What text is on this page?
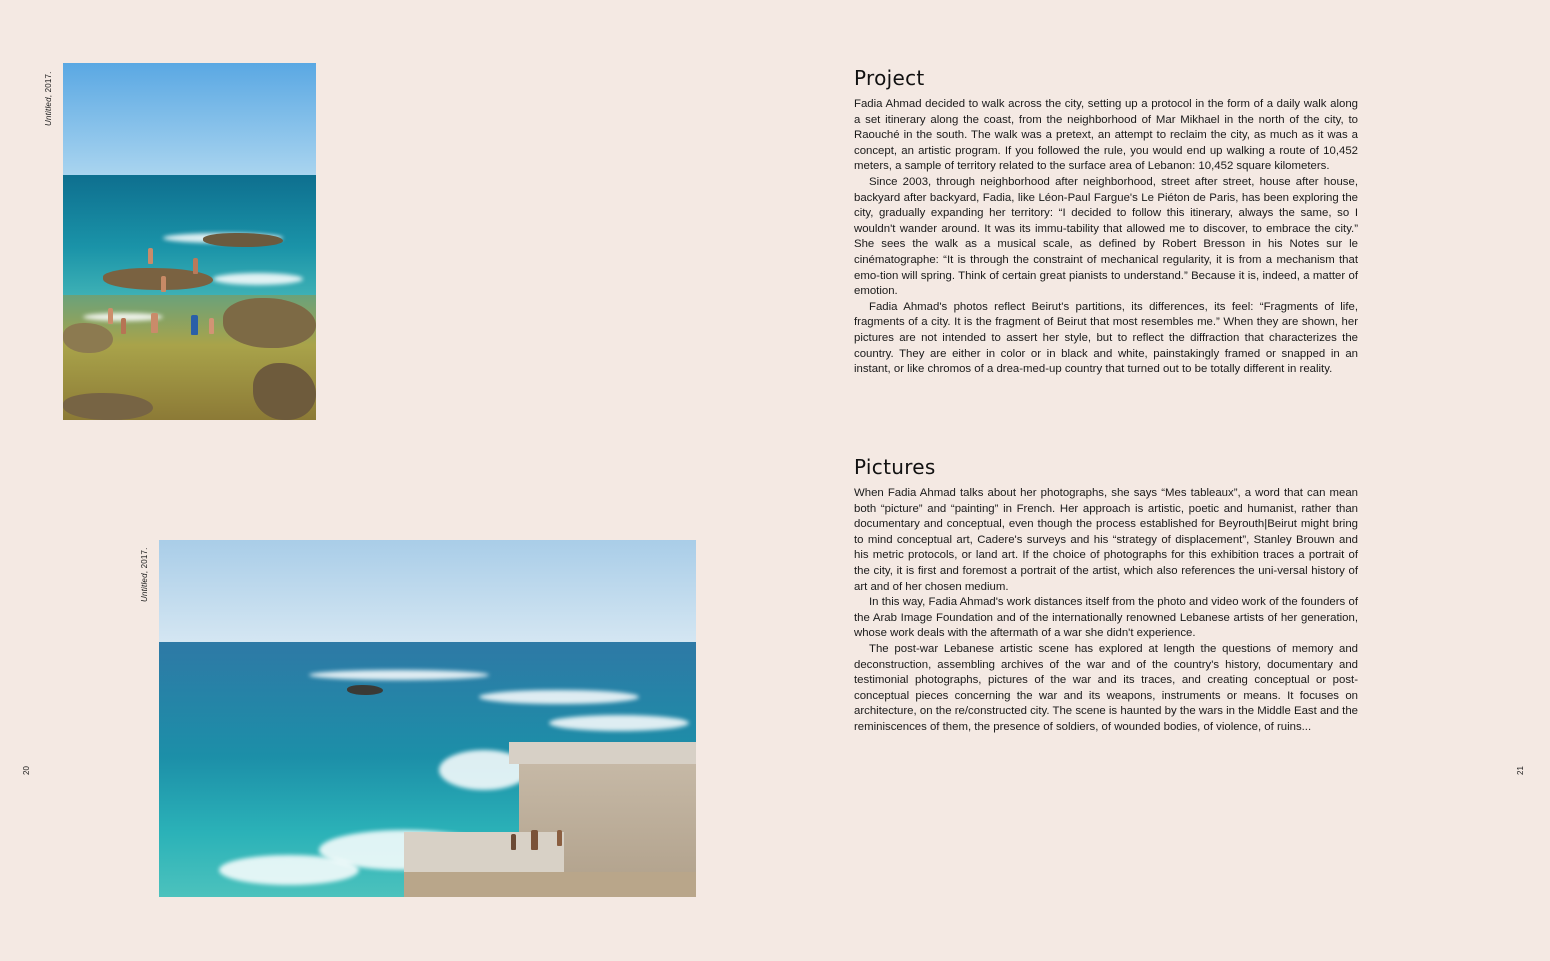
Untitled, 2017.
Untitled, 2017.
20	21
Project

Fadia Ahmad decided to walk across the city, setting up a protocol in the form of a daily walk along a set itinerary along the coast, from the neighborhood of Mar Mikhael in the north of the city, to Raouché in the south. The walk was a pretext, an attempt to reclaim the city, as much as it was a concept, an artistic program. If you followed the rule, you would end up walking a route of 10,452 meters, a sample of territory related to the surface area of Lebanon: 10,452 square kilometers.

Since 2003, through neighborhood after neighborhood, street after street, house after house, backyard after backyard, Fadia, like Léon-Paul Fargue's Le Piéton de Paris, has been exploring the city, gradually expanding her territory: “I decided to follow this itinerary, always the same, so I wouldn't wander around. It was its immu-tability that allowed me to discover, to embrace the city.” She sees the walk as a musical scale, as defined by Robert Bresson in his Notes sur le cinématographe: “It is through the constraint of mechanical regularity, it is from a mechanism that emo-tion will spring. Think of certain great pianists to understand.” Because it is, indeed, a matter of emotion.

Fadia Ahmad's photos reflect Beirut's partitions, its differences, its feel: “Fragments of life, fragments of a city. It is the fragment of Beirut that most resembles me.” When they are shown, her pictures are not intended to assert her style, but to reflect the diffraction that characterizes the country. They are either in color or in black and white, painstakingly framed or snapped in an instant, or like chromos of a drea-med-up country that turned out to be totally different in reality.

Pictures

When Fadia Ahmad talks about her photographs, she says “Mes tableaux”, a word that can mean both “picture” and “painting” in French. Her approach is artistic, poetic and humanist, rather than documentary and conceptual, even though the process established for Beyrouth|Beirut might bring to mind conceptual art, Cadere's surveys and his “strategy of displacement”, Stanley Brouwn and his metric protocols, or land art. If the choice of photographs for this exhibition traces a portrait of the city, it is first and foremost a portrait of the artist, which also references the uni-versal history of art and of her chosen medium.

In this way, Fadia Ahmad's work distances itself from the photo and video work of the founders of the Arab Image Foundation and of the internationally renowned Lebanese artists of her generation, whose work deals with the aftermath of a war she didn't experience.

The post-war Lebanese artistic scene has explored at length the questions of memory and deconstruction, assembling archives of the war and of the country's history, documentary and testimonial photographs, pictures of the war and its traces, and creating conceptual or post-conceptual pieces concerning the war and its weapons, instruments or means. It focuses on architecture, on the re/constructed city. The scene is haunted by the wars in the Middle East and the reminiscences of them, the presence of soldiers, of wounded bodies, of violence, of ruins...
